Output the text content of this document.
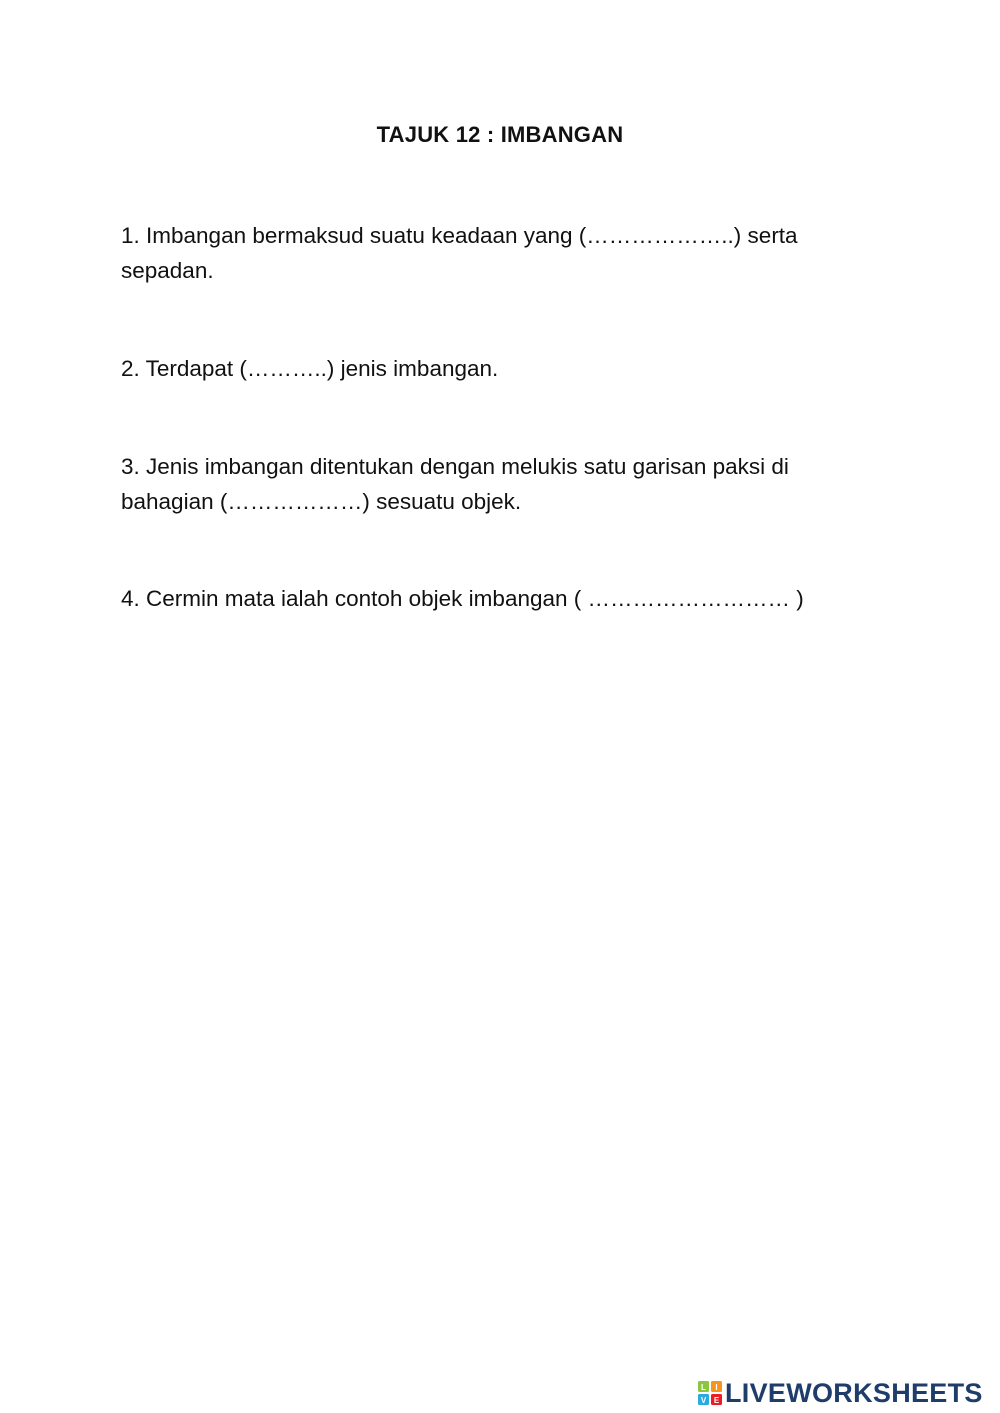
TAJUK 12 : IMBANGAN
1. Imbangan bermaksud suatu keadaan yang (………………..) serta sepadan.
2. Terdapat (………..) jenis imbangan.
3. Jenis imbangan ditentukan dengan melukis satu garisan paksi di bahagian (………………) sesuatu objek.
4. Cermin mata ialah contoh objek imbangan ( ……………………… )
L I
V E LIVEWORKSHEETS
